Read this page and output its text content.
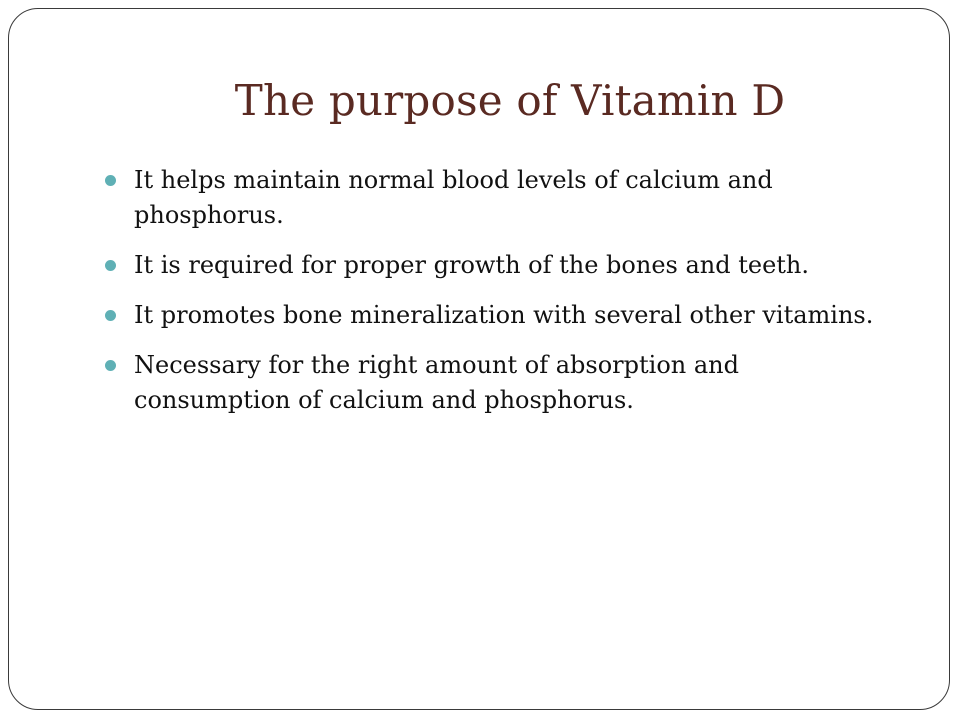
The purpose of Vitamin D
It helps maintain normal blood levels of calcium and phosphorus.
It is required for proper growth of the bones and teeth.
It promotes bone mineralization with several other vitamins.
Necessary for the right amount of absorption and consumption of calcium and phosphorus.
